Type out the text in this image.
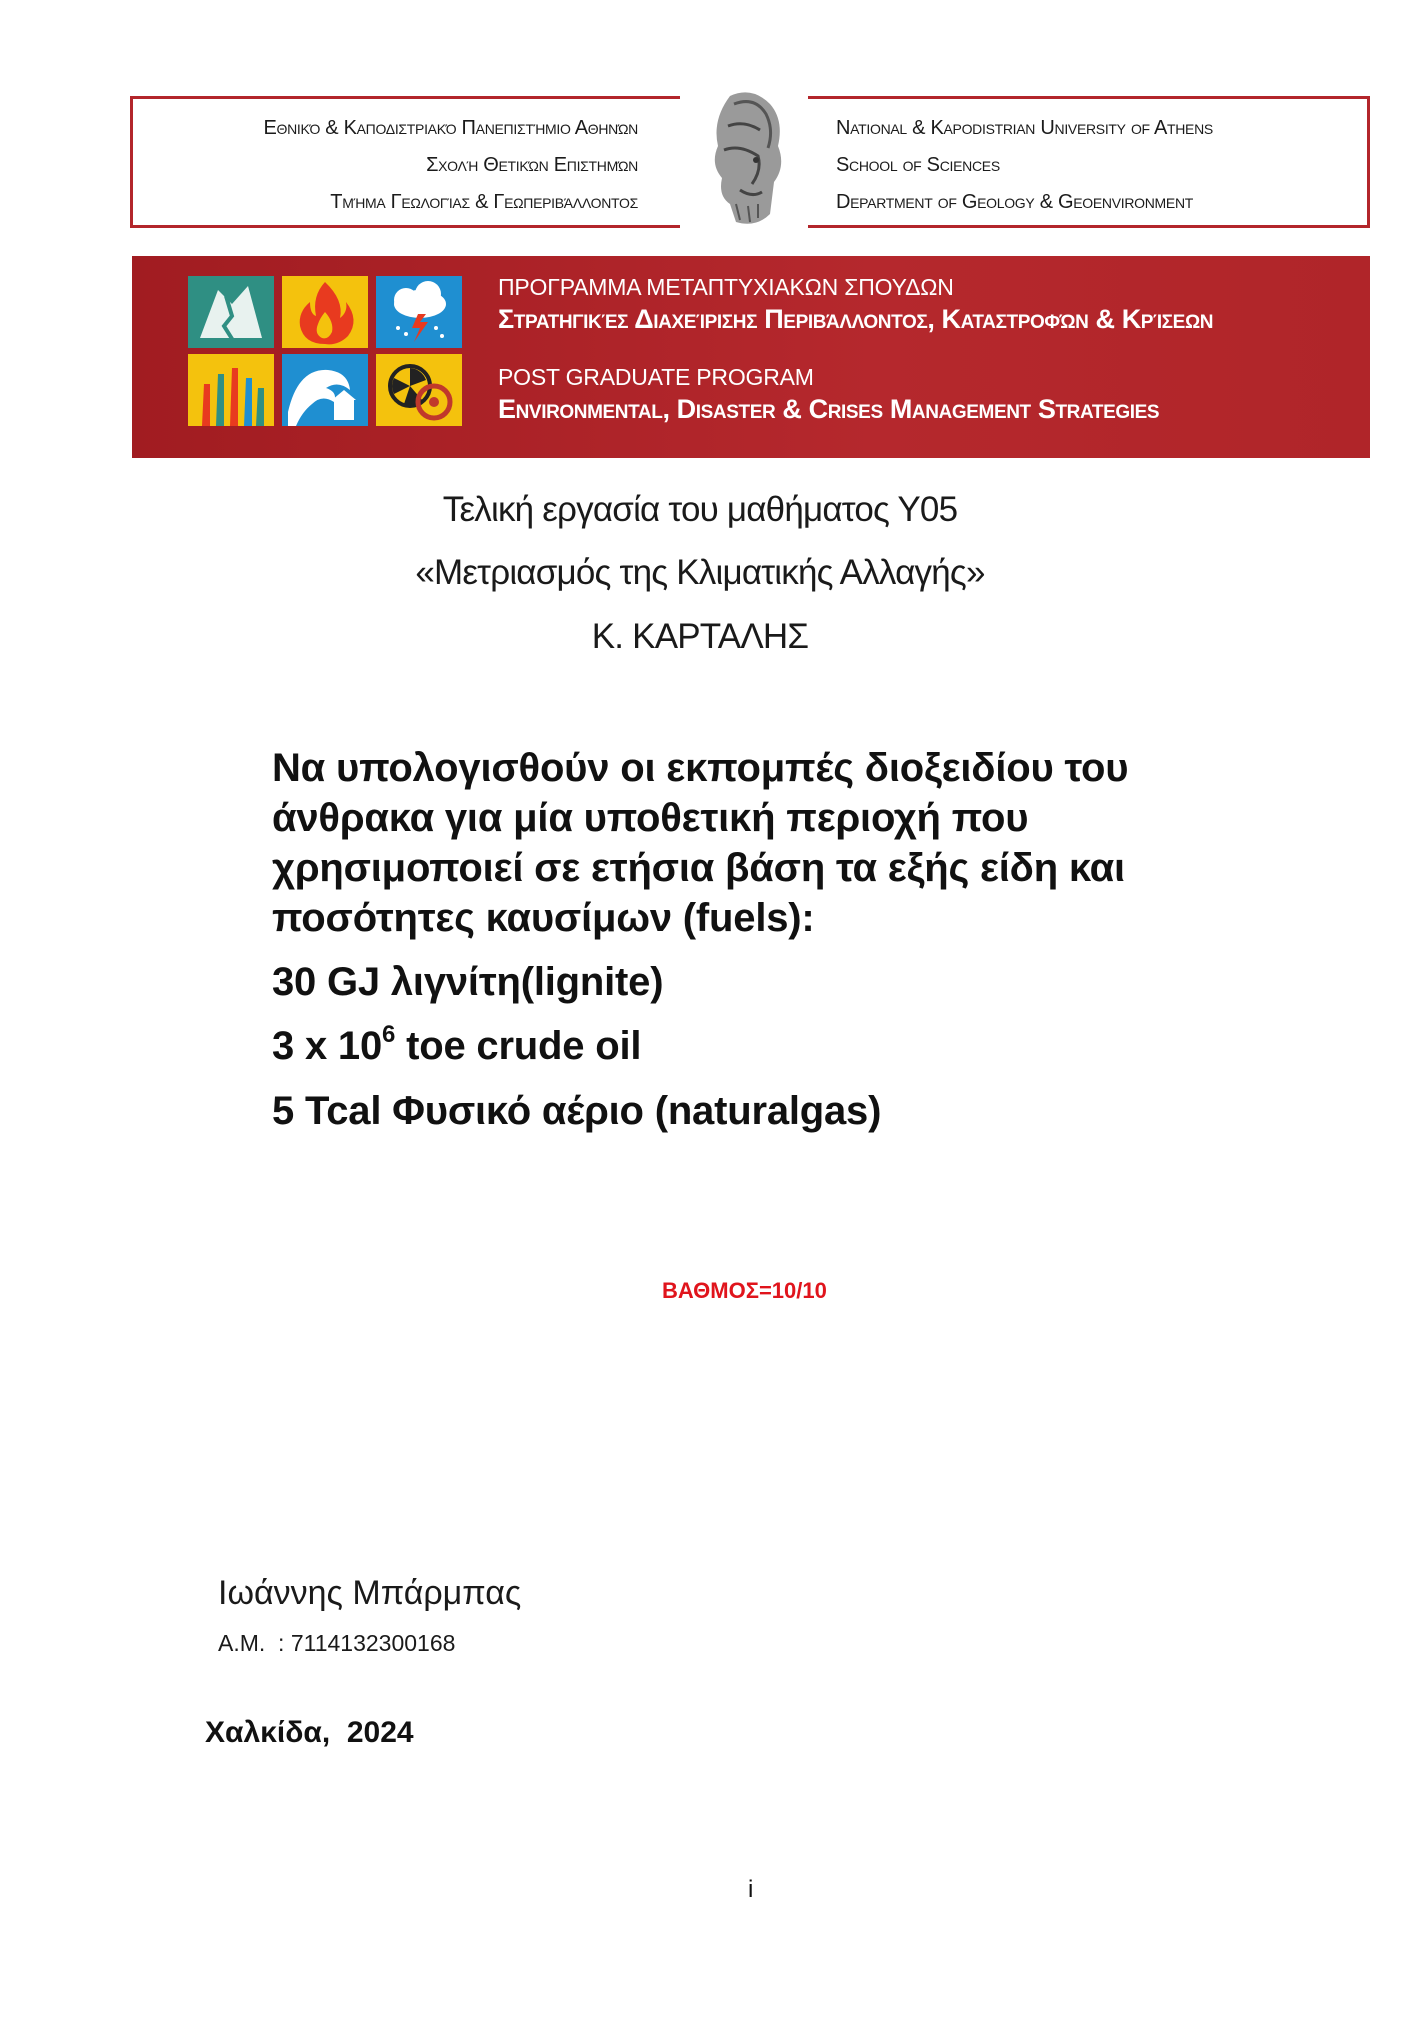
Εθνικό & Καποδιστριακό Πανεπιστήμιο Αθηνών
Σχολή Θετικών Επιστημών
Τμήμα Γεωλογίας & Γεωπεριβάλλοντος
National & Kapodistrian University of Athens
School of Sciences
Department of Geology & Geoenvironment
ΠΡΟΓΡΑΜΜΑ ΜΕΤΑΠΤΥΧΙΑΚΩΝ ΣΠΟΥΔΩΝ
Στρατηγικές Διαχείρισης Περιβάλλοντος, Καταστροφών & Κρίσεων
POST GRADUATE PROGRAM
Environmental, Disaster & Crises Management Strategies
Τελική εργασία του μαθήματος Υ05
«Μετριασμός της Κλιματικής Αλλαγής»
Κ. ΚΑΡΤΑΛΗΣ
Να υπολογισθούν οι εκπομπές διοξειδίου του
άνθρακα για μία υποθετική περιοχή που
χρησιμοποιεί σε ετήσια βάση τα εξής είδη και
ποσότητες καυσίμων (fuels):
30 GJ λιγνίτη(lignite)
3 x $10^6$ toe crude oil
5 Tcal Φυσικό αέριο (naturalgas)
ΒΑΘΜΟΣ=10/10
Ιωάννης Μπάρμπας
Α.Μ.  : 7114132300168
Χαλκίδα,  2024
i
